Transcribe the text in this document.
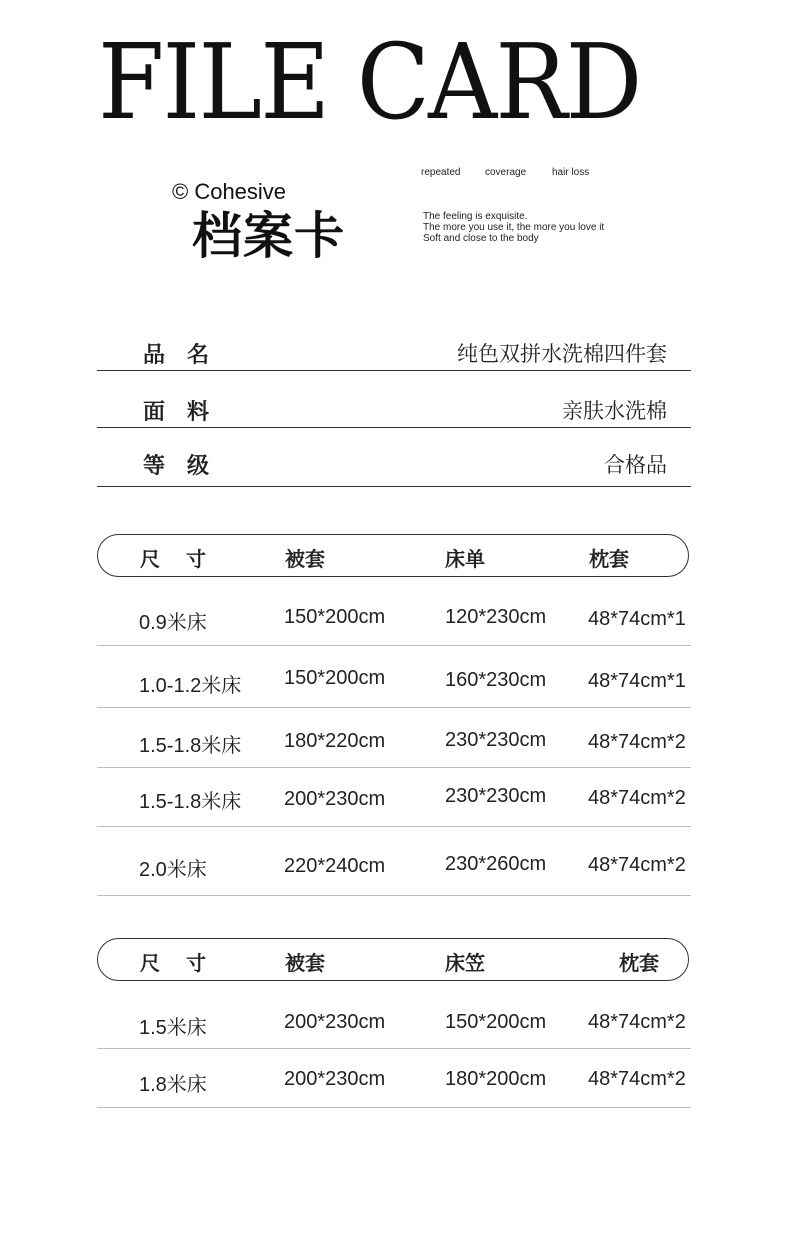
FILE CARD
© Cohesive
档案卡
repeated coverage	hair loss
The feeling is exquisite.
The more you use it, the more you love it
Soft and close to the body
品名	纯色双拼水洗棉四件套
面料	亲肤水洗棉
等级	合格品
尺寸	被套	床单	枕套
0.9米床	150*200cm	120*230cm 48*74cm*1
1.0-1.2米床 150*200cm	160*230cm 48*74cm*1
1.5-1.8米床 180*220cm	230*230cm 48*74cm*2
1.5-1.8米床 200*230cm	230*230cm 48*74cm*2
2.0米床	220*240cm	230*260cm 48*74cm*2
尺寸	被套	床笠	枕套
1.5米床	200*230cm	150*200cm 48*74cm*2
1.8米床	200*230cm	180*200cm 48*74cm*2
